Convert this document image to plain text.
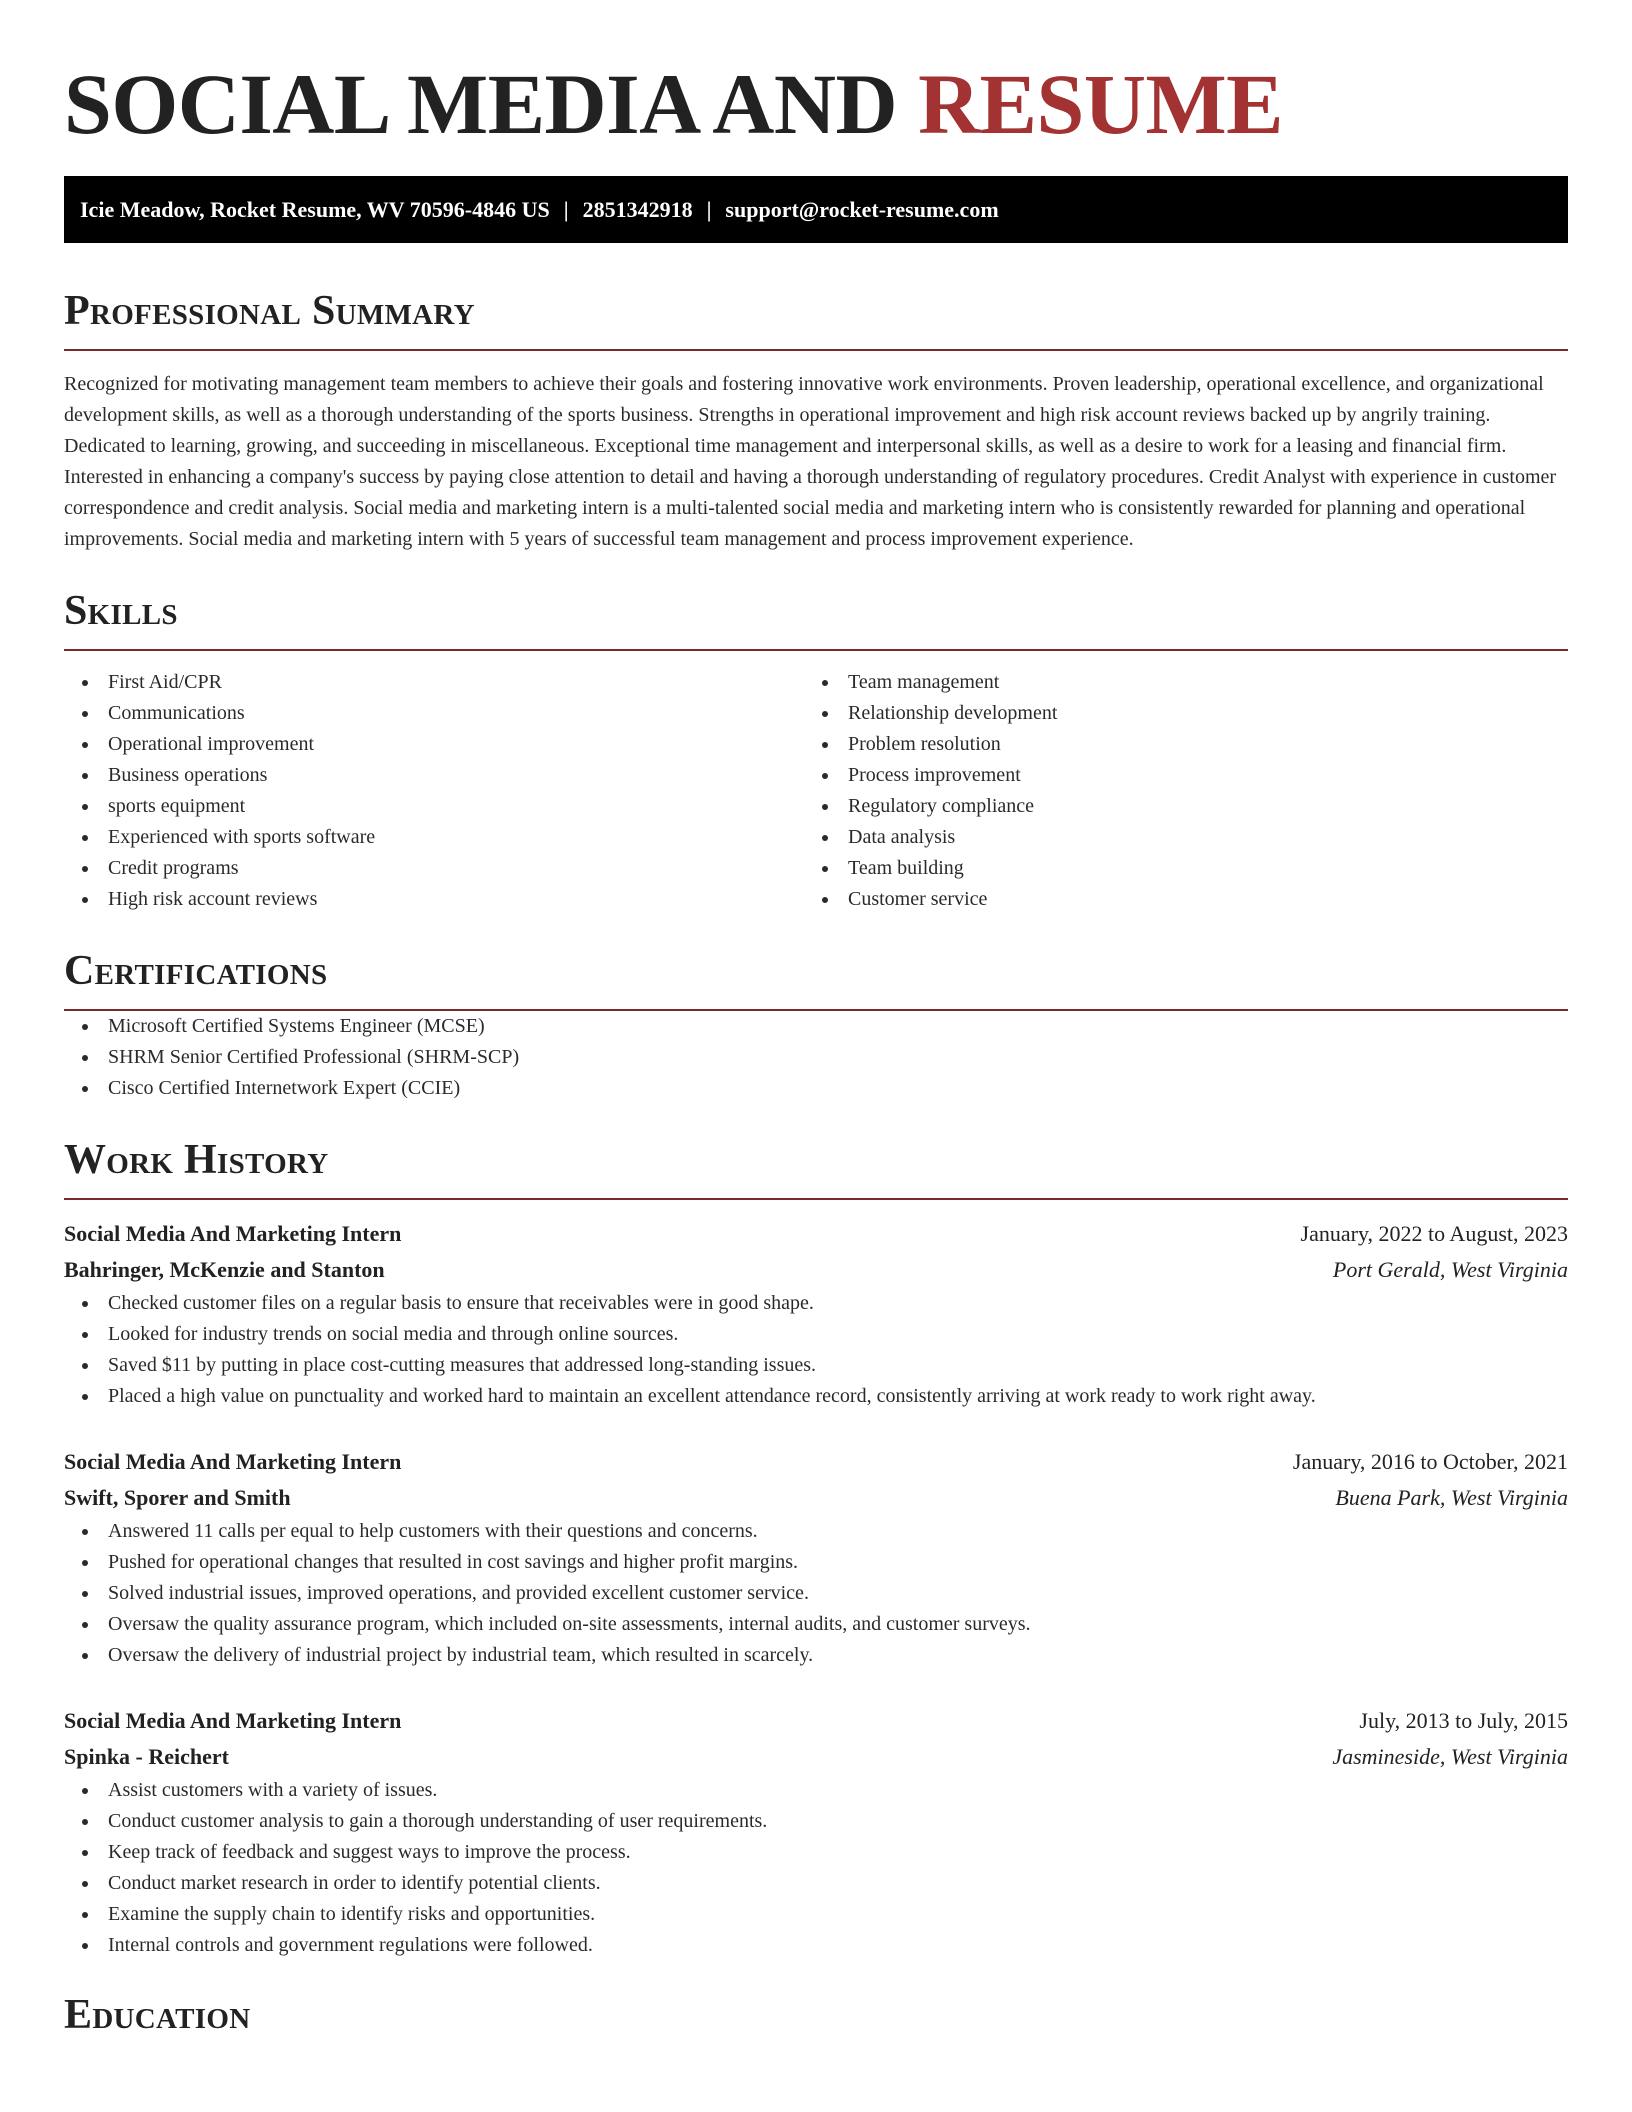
SOCIAL MEDIA AND RESUME
Icie Meadow, Rocket Resume, WV 70596-4846 US | 2851342918 | support@rocket-resume.com
Professional Summary

Recognized for motivating management team members to achieve their goals and fostering innovative work environments. Proven leadership, operational excellence, and organizational development skills, as well as a thorough understanding of the sports business. Strengths in operational improvement and high risk account reviews backed up by angrily training. Dedicated to learning, growing, and succeeding in miscellaneous. Exceptional time management and interpersonal skills, as well as a desire to work for a leasing and financial firm. Interested in enhancing a company's success by paying close attention to detail and having a thorough understanding of regulatory procedures. Credit Analyst with experience in customer correspondence and credit analysis. Social media and marketing intern is a multi-talented social media and marketing intern who is consistently rewarded for planning and operational improvements. Social media and marketing intern with 5 years of successful team management and process improvement experience.

Skills
First Aid/CPR
Communications
Operational improvement
Business operations
sports equipment
Experienced with sports software
Credit programs
High risk account reviews
Team management
Relationship development
Problem resolution
Process improvement
Regulatory compliance
Data analysis
Team building
Customer service
Certifications
Microsoft Certified Systems Engineer (MCSE)
SHRM Senior Certified Professional (SHRM-SCP)
Cisco Certified Internetwork Expert (CCIE)
Work History
Social Media And Marketing Intern	January, 2022 to August, 2023
Bahringer, McKenzie and Stanton	Port Gerald, West Virginia
Checked customer files on a regular basis to ensure that receivables were in good shape.
Looked for industry trends on social media and through online sources.
Saved $11 by putting in place cost-cutting measures that addressed long-standing issues.
Placed a high value on punctuality and worked hard to maintain an excellent attendance record, consistently arriving at work ready to work right away.
Social Media And Marketing Intern	January, 2016 to October, 2021
Swift, Sporer and Smith	Buena Park, West Virginia
Answered 11 calls per equal to help customers with their questions and concerns.
Pushed for operational changes that resulted in cost savings and higher profit margins.
Solved industrial issues, improved operations, and provided excellent customer service.
Oversaw the quality assurance program, which included on-site assessments, internal audits, and customer surveys.
Oversaw the delivery of industrial project by industrial team, which resulted in scarcely.
Social Media And Marketing Intern	July, 2013 to July, 2015
Spinka - Reichert	Jasmineside, West Virginia
Assist customers with a variety of issues.
Conduct customer analysis to gain a thorough understanding of user requirements.
Keep track of feedback and suggest ways to improve the process.
Conduct market research in order to identify potential clients.
Examine the supply chain to identify risks and opportunities.
Internal controls and government regulations were followed.
Education
